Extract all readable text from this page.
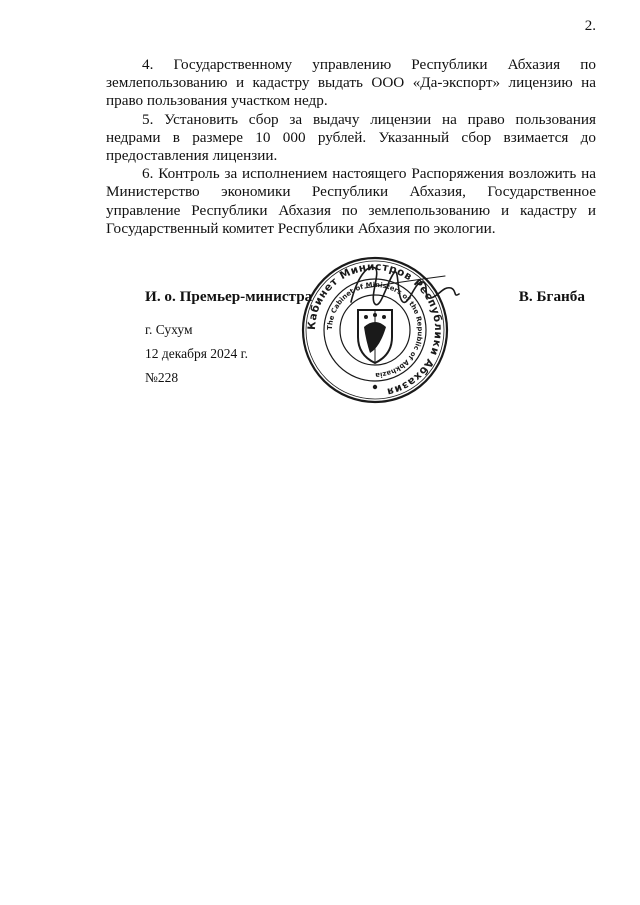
2.

4. Государственному управлению Республики Абхазия по землепользованию и кадастру выдать ООО «Да-экспорт» лицензию на право пользования участком недр.

5. Установить сбор за выдачу лицензии на право пользования недрами в размере 10 000 рублей. Указанный сбор взимается до предоставления лицензии.

6. Контроль за исполнением настоящего Распоряжения возложить на Министерство экономики Республики Абхазия, Государственное управление Республики Абхазия по землепользованию и кадастру и Государственный комитет Республики Абхазия по экологии.

Кабинет Министров Республики Абхазия
The Cabinet of Ministers of the Republic of Abkhazia
И. о. Премьер-министра	В. Бганба
г. Сухум
12 декабря 2024 г.
№228
